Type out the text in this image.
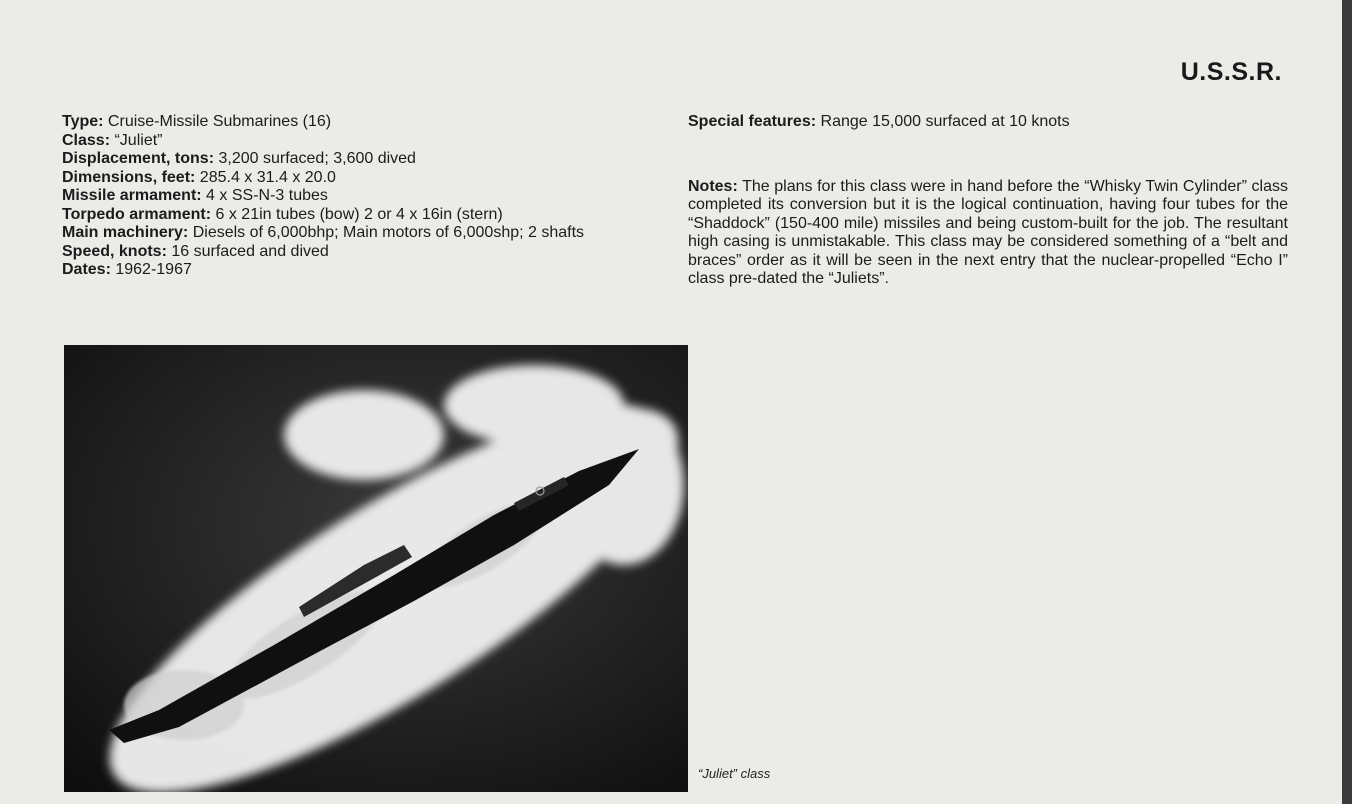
U.S.S.R.
Type: Cruise-Missile Submarines (16)
Class: “Juliet”
Displacement, tons: 3,200 surfaced; 3,600 dived
Dimensions, feet: 285.4 x 31.4 x 20.0
Missile armament: 4 x SS-N-3 tubes
Torpedo armament: 6 x 21in tubes (bow) 2 or 4 x 16in (stern)
Main machinery: Diesels of 6,000bhp; Main motors of 6,000shp; 2 shafts
Speed, knots: 16 surfaced and dived
Dates: 1962-1967
Special features: Range 15,000 surfaced at 10 knots
Notes: The plans for this class were in hand before the “Whisky Twin Cylinder” class completed its conversion but it is the logical continuation, having four tubes for the “Shaddock” (150-400 mile) missiles and being custom-built for the job. The resultant high casing is unmistakable. This class may be considered something of a “belt and braces” order as it will be seen in the next entry that the nuclear-propelled “Echo I” class pre-dated the “Juliets”.
“Juliet” class
